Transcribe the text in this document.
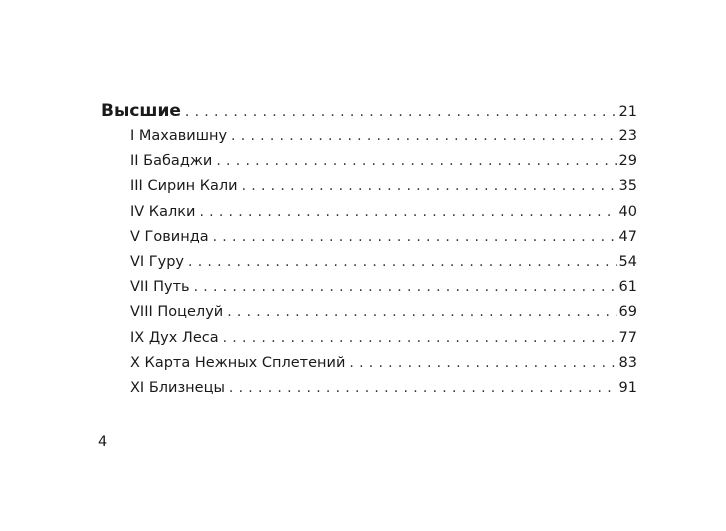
Высшие . . .	21
I Махавишну . . .	23
II Бабаджи . . .	29
III Сирин Кали . . .	35
IV Калки . . .	40
V Говинда . . .	47
VI Гуру . . .	54
VII Путь . . .	61
VIII Поцелуй . . .	69
IX Дух Леса . . .	77
X Карта Нежных Сплетений . . .	83
XI Близнецы . . .	91
4
